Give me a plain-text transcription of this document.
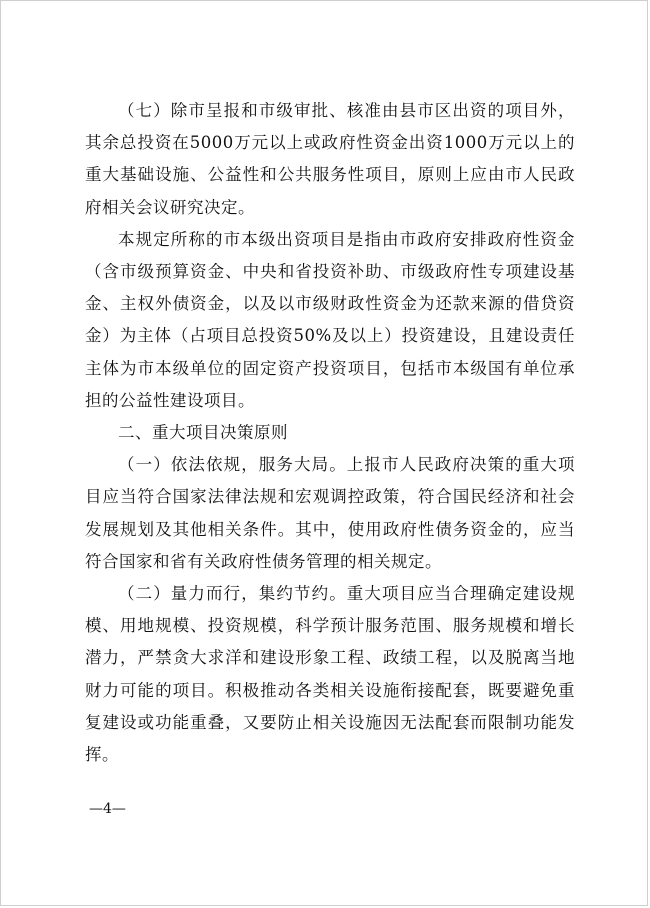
（七）除市呈报和市级审批、核准由县市区出资的项目外，其余总投资在5000万元以上或政府性资金出资1000万元以上的重大基础设施、公益性和公共服务性项目，原则上应由市人民政府相关会议研究决定。

本规定所称的市本级出资项目是指由市政府安排政府性资金（含市级预算资金、中央和省投资补助、市级政府性专项建设基金、主权外债资金，以及以市级财政性资金为还款来源的借贷资金）为主体（占项目总投资50%及以上）投资建设，且建设责任主体为市本级单位的固定资产投资项目，包括市本级国有单位承担的公益性建设项目。

二、重大项目决策原则

（一）依法依规，服务大局。上报市人民政府决策的重大项目应当符合国家法律法规和宏观调控政策，符合国民经济和社会发展规划及其他相关条件。其中，使用政府性债务资金的，应当符合国家和省有关政府性债务管理的相关规定。

（二）量力而行，集约节约。重大项目应当合理确定建设规模、用地规模、投资规模，科学预计服务范围、服务规模和增长潜力，严禁贪大求洋和建设形象工程、政绩工程，以及脱离当地财力可能的项目。积极推动各类相关设施衔接配套，既要避免重复建设或功能重叠，又要防止相关设施因无法配套而限制功能发挥。

—4—
